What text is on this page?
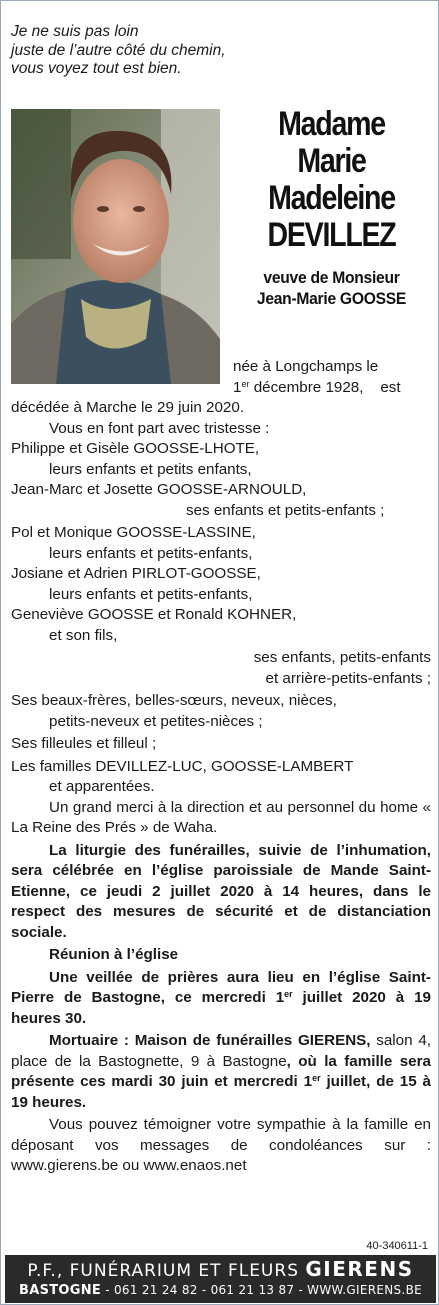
Je ne suis pas loin
juste de l’autre côté du chemin,
vous voyez tout est bien.
Madame
Marie
Madeleine
DEVILLEZ
veuve de Monsieur
Jean-Marie GOOSSE
née à Longchamps le
1er décembre 1928,    est
décédée à Marche le 29 juin 2020.
Vous en font part avec tristesse :
Philippe et Gisèle GOOSSE-LHOTE,
leurs enfants et petits enfants,
Jean-Marc et Josette GOOSSE-ARNOULD,
ses enfants et petits-enfants ;
Pol et Monique GOOSSE-LASSINE,
leurs enfants et petits-enfants,
Josiane et Adrien PIRLOT-GOOSSE,
leurs enfants et petits-enfants,
Geneviève GOOSSE et Ronald KOHNER,
et son fils,
ses enfants, petits-enfants
et arrière-petits-enfants ;
Ses beaux-frères, belles-sœurs, neveux, nièces,
petits-neveux et petites-nièces ;
Ses filleules et filleul ;
Les familles DEVILLEZ-LUC, GOOSSE-LAMBERT
et apparentées.
Un grand merci à la direction et au personnel du home « La Reine des Prés » de Waha.
La liturgie des funérailles, suivie de l’inhumation, sera célébrée en l’église paroissiale de Mande Saint-Etienne, ce jeudi 2 juillet 2020 à 14 heures, dans le respect des mesures de sécurité et de distanciation sociale.
Réunion à l’église
Une veillée de prières aura lieu en l’église Saint-Pierre de Bastogne, ce mercredi 1er juillet 2020 à 19 heures 30.
Mortuaire : Maison de funérailles GIERENS, salon 4, place de la Bastognette, 9 à Bastogne, où la famille sera présente ces mardi 30 juin et mercredi 1er juillet, de 15 à 19 heures.
Vous pouvez témoigner votre sympathie à la famille en déposant vos messages de condoléances sur : www.gierens.be ou www.enaos.net
40-340611-1
P.F., FUNÉRARIUM ET FLEURS GIERENS
BASTOGNE - 061 21 24 82 - 061 21 13 87 - WWW.GIERENS.BE
